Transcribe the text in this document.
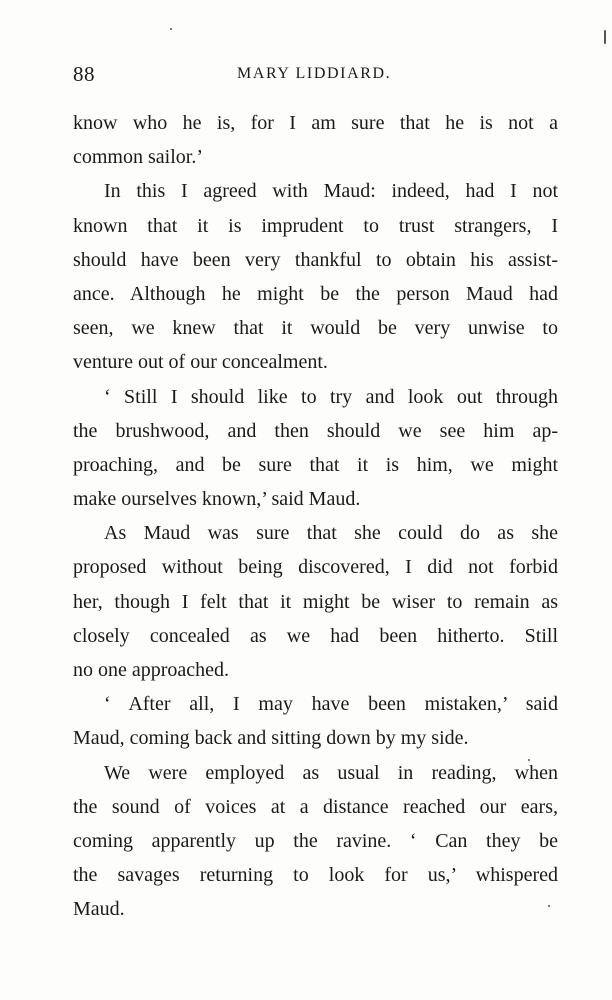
88	MARY LIDDIARD.
know who he is, for I am sure that he is not a
common sailor.’
In this I agreed with Maud: indeed, had I not
known that it is imprudent to trust strangers, I
should have been very thankful to obtain his assist-
ance. Although he might be the person Maud had
seen, we knew that it would be very unwise to
venture out of our concealment.
‘ Still I should like to try and look out through
the brushwood, and then should we see him ap-
proaching, and be sure that it is him, we might
make ourselves known,’ said Maud.
As Maud was sure that she could do as she
proposed without being discovered, I did not forbid
her, though I felt that it might be wiser to remain as
closely concealed as we had been hitherto. Still
no one approached.
‘ After all, I may have been mistaken,’ said
Maud, coming back and sitting down by my side.
We were employed as usual in reading, when
the sound of voices at a distance reached our ears,
coming apparently up the ravine. ‘ Can they be
the savages returning to look for us,’ whispered
Maud.
